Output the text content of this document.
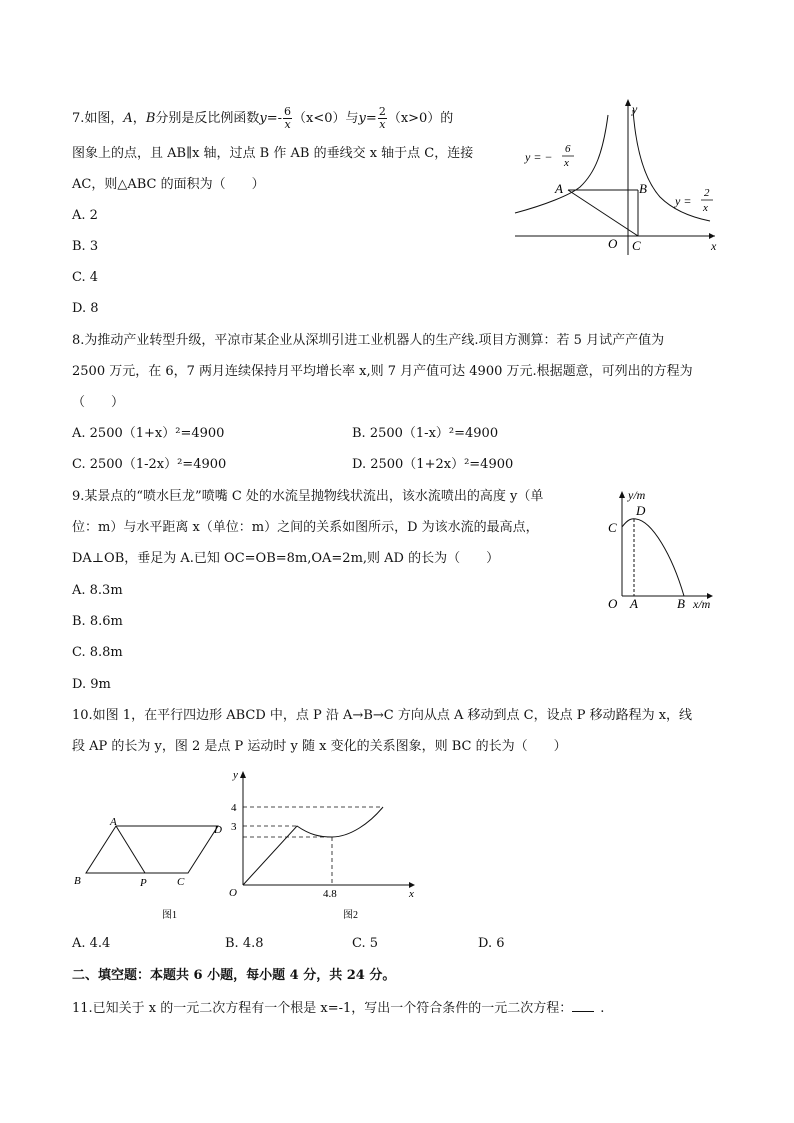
7.如图，A，B分别是反比例函数$y=- \frac{6}{x} (x<0)$与$y= \frac{2}{x} (x>0)$的
图象上的点，且 AB∥x 轴，过点 B 作 AB 的垂线交 x 轴于点 C，连接
AC，则△ABC 的面积为（　　）
A. 2
B. 3
C. 4
D. 8
y
x
O
A	B
C
y = −
6
x
y =
2
x
8.为推动产业转型升级，平凉市某企业从深圳引进工业机器人的生产线.项目方测算：若 5 月试产产值为
2500 万元，在 6，7 两月连续保持月平均增长率 x,则 7 月产值可达 4900 万元.根据题意，可列出的方程为
（　　）
A. 2500（1+x）²=4900	B. 2500（1-x）²=4900
C. 2500（1-2x）²=4900	D. 2500（1+2x）²=4900
9.某景点的“喷水巨龙”喷嘴 C 处的水流呈抛物线状流出，该水流喷出的高度 y（单
位：m）与水平距离 x（单位：m）之间的关系如图所示，D 为该水流的最高点，
DA⊥OB，垂足为 A.已知 OC=OB=8m,OA=2m,则 AD 的长为（　　）
A. 8.3m
B. 8.6m
C. 8.8m
D. 9m
y/m
x/m
O A	B
C
D
10.如图 1，在平行四边形 ABCD 中，点 P 沿 A→B→C 方向从点 A 移动到点 C，设点 P 移动路程为 x，线
段 AP 的长为 y，图 2 是点 P 运动时 y 随 x 变化的关系图象，则 BC 的长为（　　）
A
D
B	P	C
图1
y
x
O
4
3
4.8
图2
A. 4.4	B. 4.8	C. 5	D. 6
二、填空题：本题共 6 小题，每小题 4 分，共 24 分。
11.已知关于 x 的一元二次方程有一个根是 x=-1，写出一个符合条件的一元二次方程： .
